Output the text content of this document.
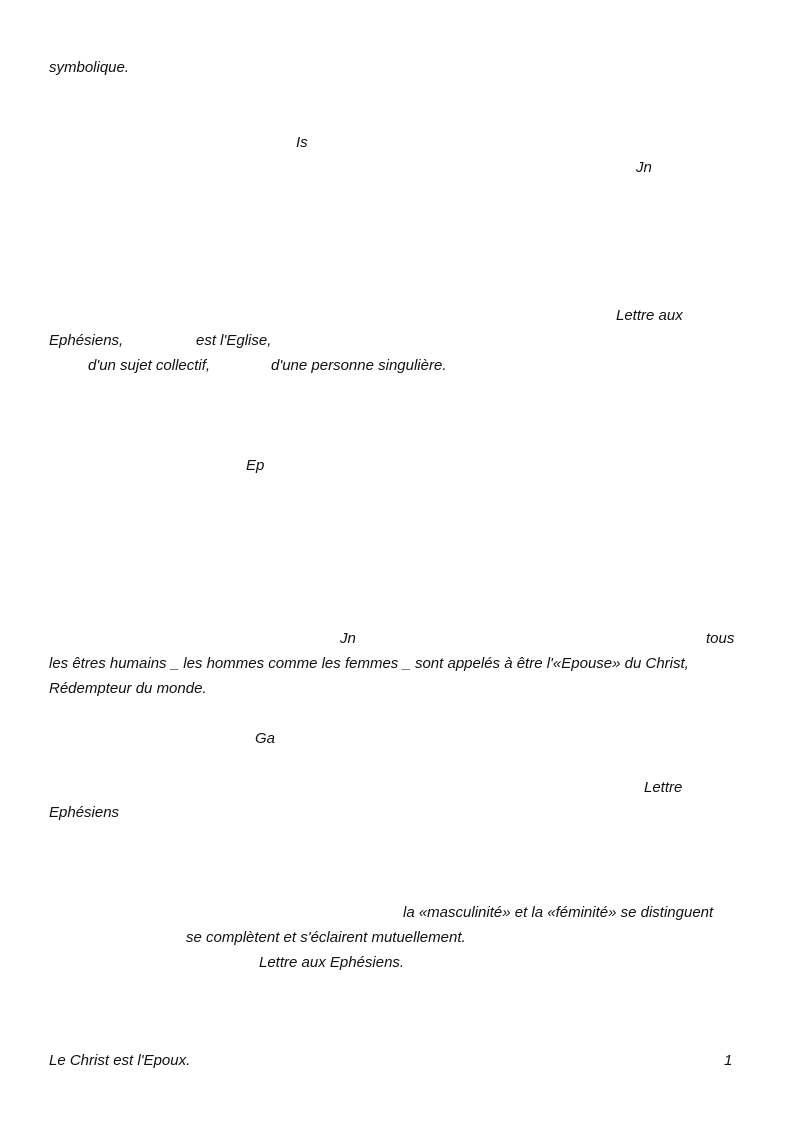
symbolique.
Is
Jn
Lettre aux
Ephésiens,	est l'Eglise,
d'un sujet collectif,	d'une personne singulière.
Ep
Jn	tous
les êtres humains _ les hommes comme les femmes _ sont appelés à être l'«Epouse» du Christ,
Rédempteur du monde.
Ga
Lettre
Ephésiens
la «masculinité» et la «féminité» se distinguent
se complètent et s'éclairent mutuellement.
Lettre aux Ephésiens.
Le Christ est l'Epoux.	1
